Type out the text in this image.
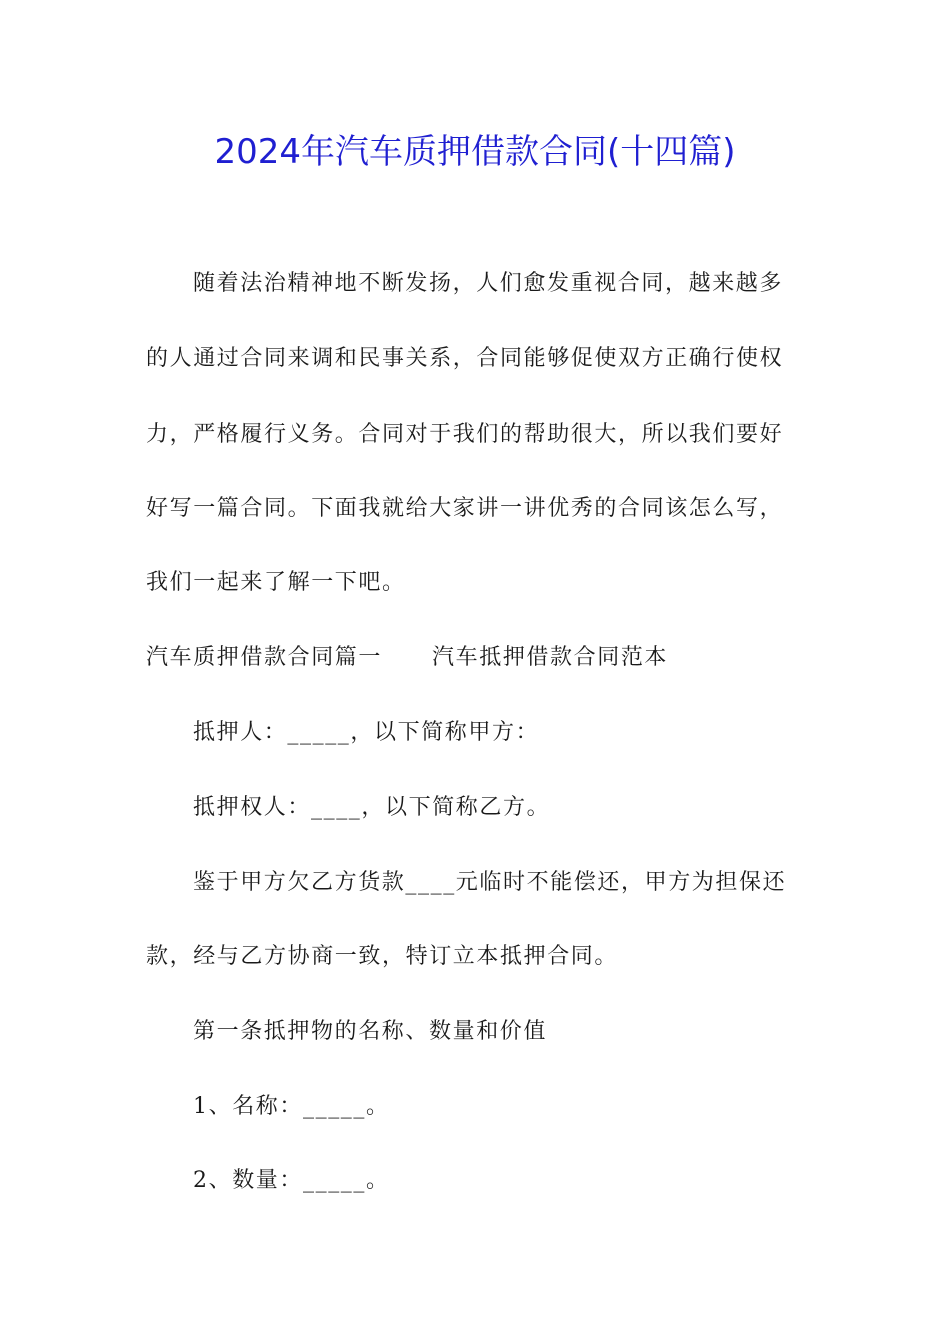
2024年汽车质押借款合同(十四篇)
随着法治精神地不断发扬，人们愈发重视合同，越来越多
的人通过合同来调和民事关系，合同能够促使双方正确行使权
力，严格履行义务。合同对于我们的帮助很大，所以我们要好
好写一篇合同。下面我就给大家讲一讲优秀的合同该怎么写，
我们一起来了解一下吧。
汽车质押借款合同篇一 汽车抵押借款合同范本
抵押人：_____，以下简称甲方：
抵押权人：____，以下简称乙方。
鉴于甲方欠乙方货款____元临时不能偿还，甲方为担保还
款，经与乙方协商一致，特订立本抵押合同。
第一条抵押物的名称、数量和价值
1、名称：_____。
2、数量：_____。
